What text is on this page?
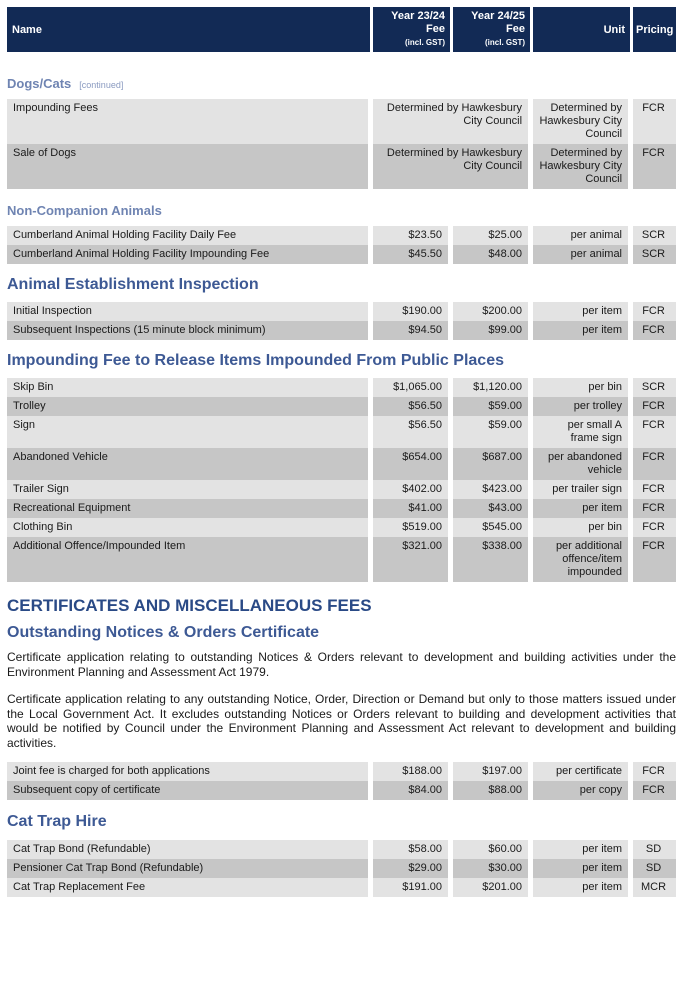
Name	Year 23/24
Fee
(incl. GST)	Year 24/25
Fee
(incl. GST)	Unit	Pricing
Dogs/Cats [continued]
Impounding Fees	Determined by Hawkesbury City Council	Determined by Hawkesbury City Council	FCR
Sale of Dogs	Determined by Hawkesbury City Council	Determined by Hawkesbury City Council	FCR
Non-Companion Animals
Cumberland Animal Holding Facility Daily Fee	$23.50	$25.00	per animal	SCR
Cumberland Animal Holding Facility Impounding Fee	$45.50	$48.00	per animal	SCR
Animal Establishment Inspection
Initial Inspection	$190.00	$200.00	per item	FCR
Subsequent Inspections (15 minute block minimum)	$94.50	$99.00	per item	FCR
Impounding Fee to Release Items Impounded From Public Places
Skip Bin	$1,065.00	$1,120.00	per bin	SCR
Trolley	$56.50	$59.00	per trolley	FCR
Sign	$56.50	$59.00	per small A frame sign	FCR
Abandoned Vehicle	$654.00	$687.00	per abandoned vehicle	FCR
Trailer Sign	$402.00	$423.00	per trailer sign	FCR
Recreational Equipment	$41.00	$43.00	per item	FCR
Clothing Bin	$519.00	$545.00	per bin	FCR
Additional Offence/Impounded Item	$321.00	$338.00	per additional offence/item impounded	FCR
CERTIFICATES AND MISCELLANEOUS FEES
Outstanding Notices & Orders Certificate

Certificate application relating to outstanding Notices & Orders relevant to development and building activities under the Environment Planning and Assessment Act 1979.

Certificate application relating to any outstanding Notice, Order, Direction or Demand but only to those matters issued under the Local Government Act. It excludes outstanding Notices or Orders relevant to building and development activities that would be notified by Council under the Environment Planning and Assessment Act relevant to development and building activities.

Joint fee is charged for both applications	$188.00	$197.00	per certificate	FCR
Subsequent copy of certificate	$84.00	$88.00	per copy	FCR
Cat Trap Hire
Cat Trap Bond (Refundable)	$58.00	$60.00	per item	SD
Pensioner Cat Trap Bond (Refundable)	$29.00	$30.00	per item	SD
Cat Trap Replacement Fee	$191.00	$201.00	per item	MCR
